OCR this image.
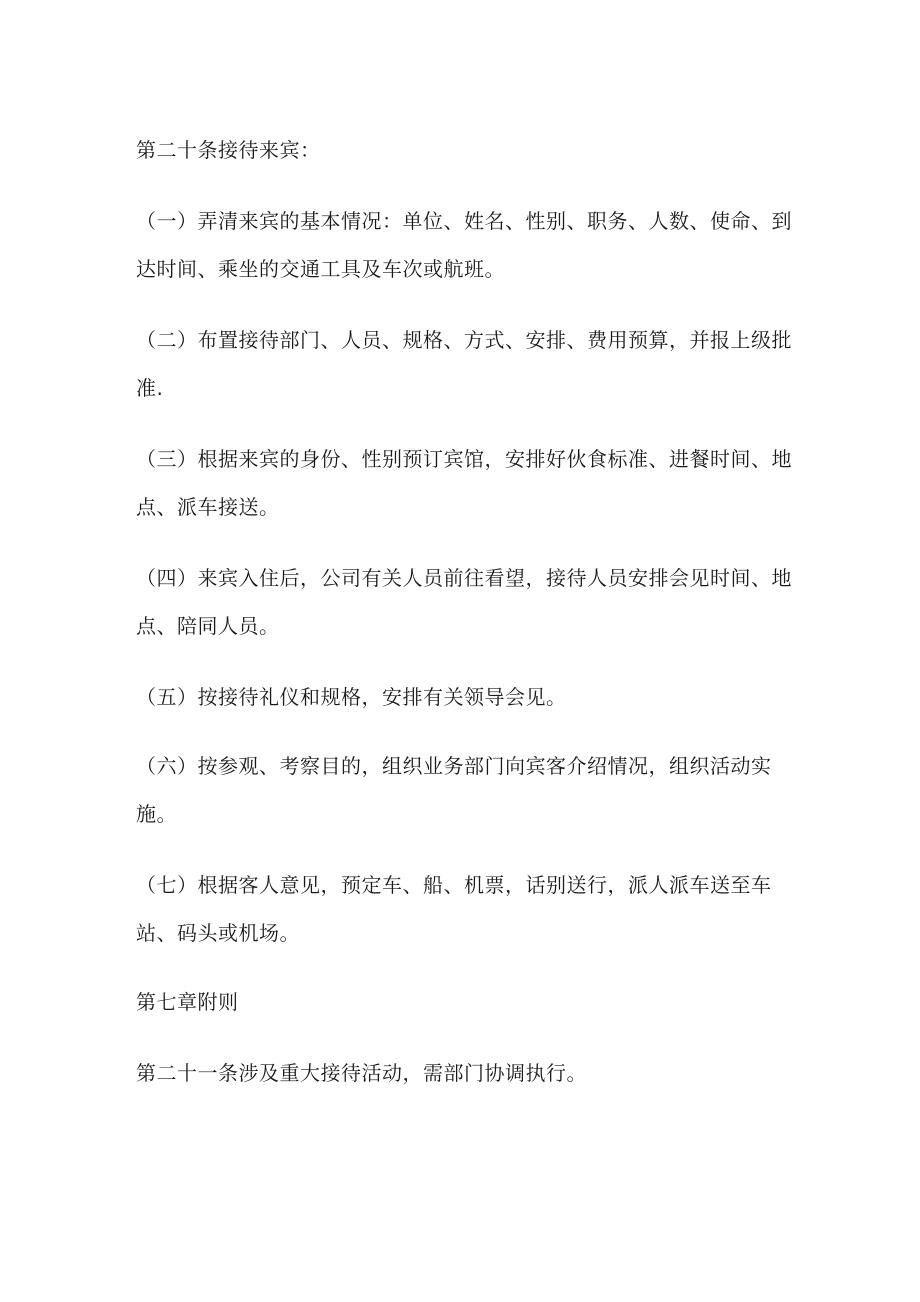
第二十条接待来宾：

（一）弄清来宾的基本情况：单位、姓名、性别、职务、人数、使命、到
达时间、乘坐的交通工具及车次或航班。

（二）布置接待部门、人员、规格、方式、安排、费用预算，并报上级批
准.

（三）根据来宾的身份、性别预订宾馆，安排好伙食标准、进餐时间、地
点、派车接送。

（四）来宾入住后，公司有关人员前往看望，接待人员安排会见时间、地
点、陪同人员。

（五）按接待礼仪和规格，安排有关领导会见。

（六）按参观、考察目的，组织业务部门向宾客介绍情况，组织活动实
施。

（七）根据客人意见，预定车、船、机票，话别送行，派人派车送至车
站、码头或机场。

第七章附则

第二十一条涉及重大接待活动，需部门协调执行。
